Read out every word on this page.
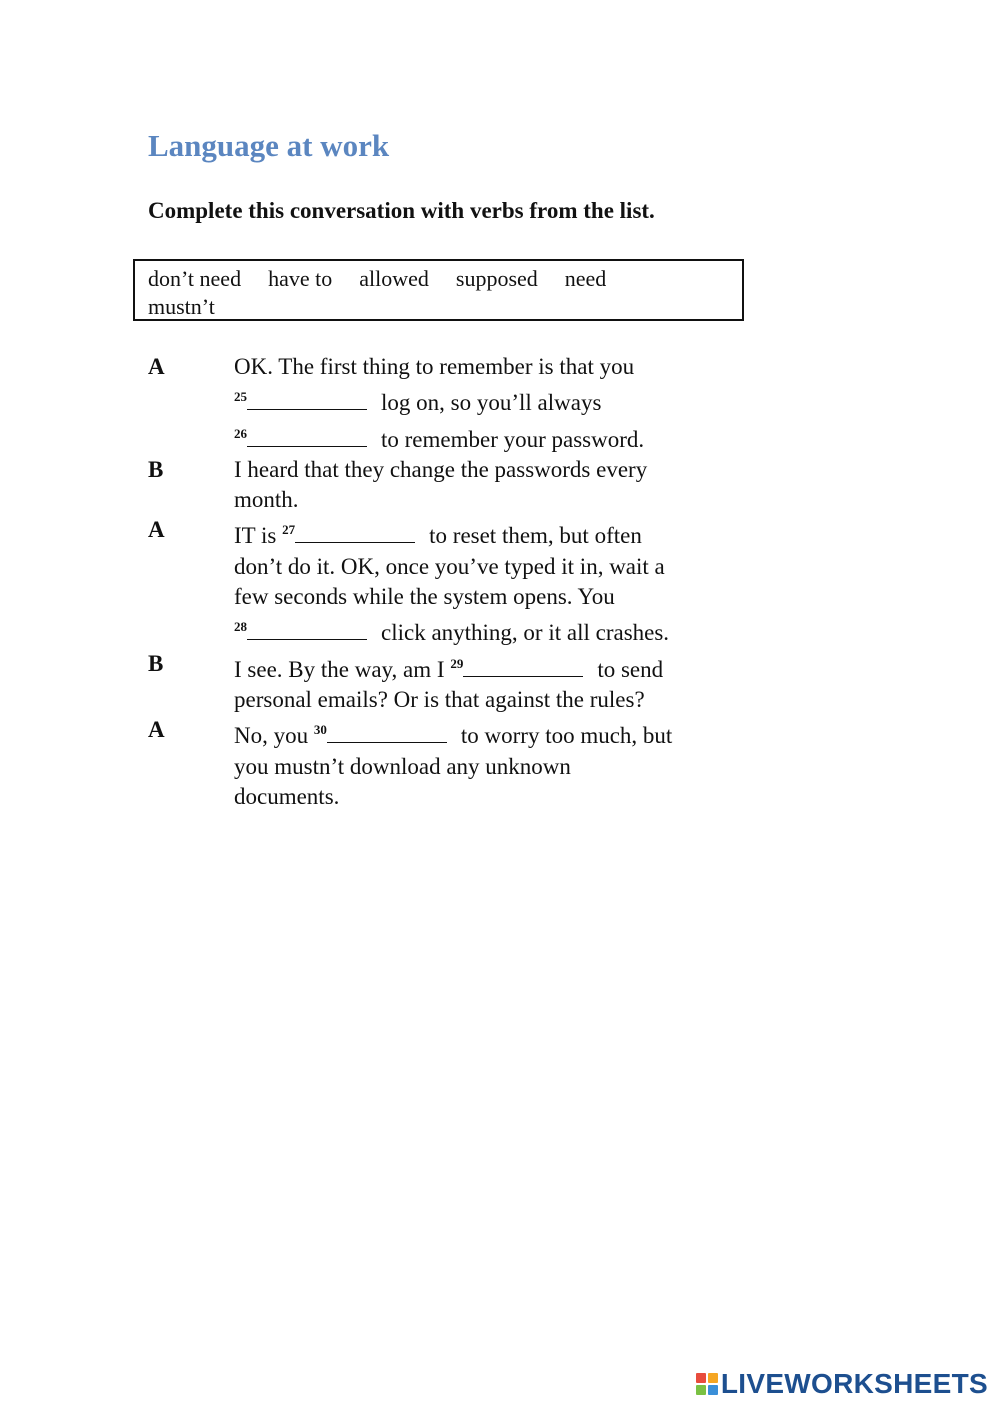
Language at work

Complete this conversation with verbs from the list.

don’t need have to allowed supposed need
mustn’t
A	OK. The first thing to remember is that you
$^{25}$	log on, so you’ll always
$^{26}$	to remember your password.
B	I heard that they change the passwords every
month.
A	IT is $^{27}$	to reset them, but often
don’t do it. OK, once you’ve typed it in, wait a
few seconds while the system opens. You
$^{28}$	click anything, or it all crashes.
B	I see. By the way, am I $^{29}$	to send
personal emails? Or is that against the rules?
A	No, you $^{30}$	to worry too much, but
you mustn’t download any unknown
documents.
LIVEWORKSHEETS
